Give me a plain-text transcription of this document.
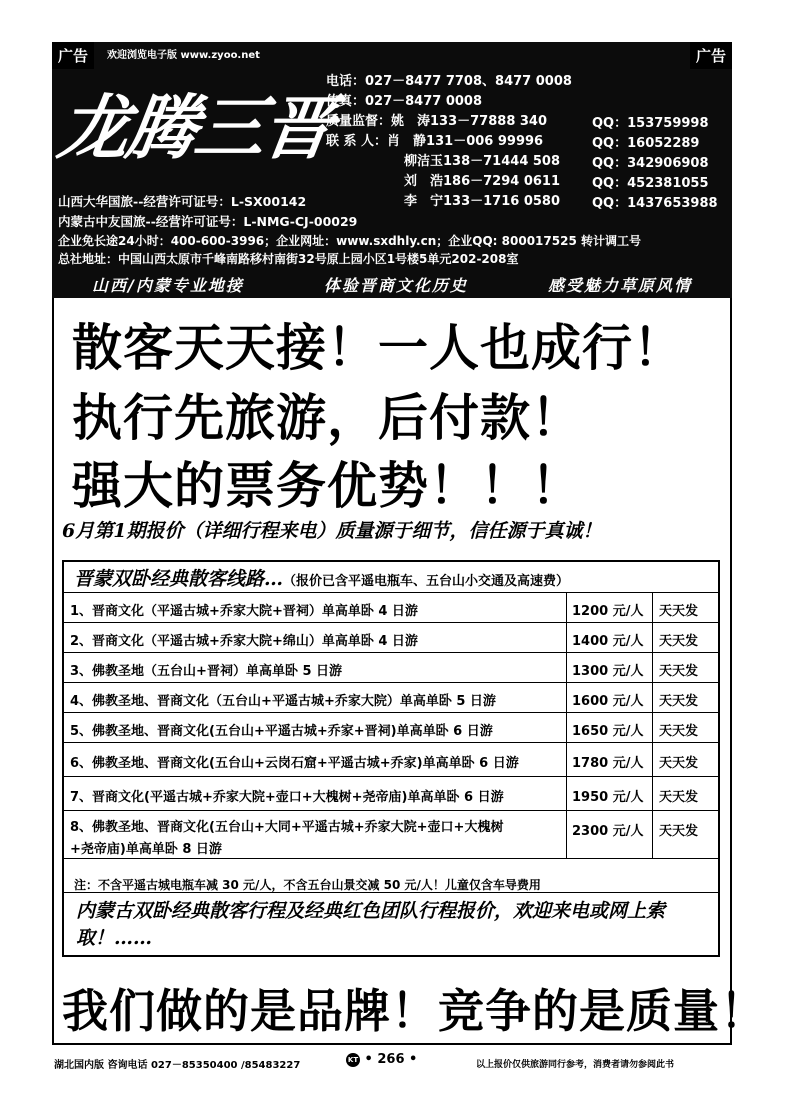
欢迎浏览电子版 www.zyoo.net
龙腾三晋
电话：027－8477 7708、8477 0008
传真：027－8477 0008
质量监督：姚　涛133－77888 340
联 系 人：肖　静131－006 99996
柳洁玉138－71444 508
刘　浩186－7294 0611
李　宁133－1716 0580
QQ：153759998
QQ：16052289
QQ：342906908
QQ：452381055
QQ：1437653988
山西大华国旅--经营许可证号：L-SX00142
内蒙古中友国旅--经营许可证号：L-NMG-CJ-00029
企业免长途24小时：400-600-3996；企业网址：www.sxdhly.cn；企业QQ: 800017525 转计调工号
总社地址：中国山西太原市千峰南路移村南街32号原上园小区1号楼5单元202-208室
山西/内蒙专业地接	体验晋商文化历史	感受魅力草原风情
广告	广告
散客天天接！一人也成行！
执行先旅游，后付款！
强大的票务优势！！！
6月第1期报价（详细行程来电）质量源于细节，信任源于真诚！
晋蒙双卧经典散客线路…（报价已含平遥电瓶车、五台山小交通及高速费）
1、晋商文化（平遥古城+乔家大院+晋祠）单高单卧 4 日游	1200 元/人 天天发
2、晋商文化（平遥古城+乔家大院+绵山）单高单卧 4 日游	1400 元/人 天天发
3、佛教圣地（五台山+晋祠）单高单卧 5 日游	1300 元/人 天天发
4、佛教圣地、晋商文化（五台山+平遥古城+乔家大院）单高单卧 5 日游	1600 元/人 天天发
5、佛教圣地、晋商文化(五台山+平遥古城+乔家+晋祠)单高单卧 6 日游	1650 元/人 天天发
6、佛教圣地、晋商文化(五台山+云岗石窟+平遥古城+乔家)单高单卧 6 日游	1780 元/人 天天发
7、晋商文化(平遥古城+乔家大院+壶口+大槐树+尧帝庙)单高单卧 6 日游	1950 元/人 天天发
8、佛教圣地、晋商文化(五台山+大同+平遥古城+乔家大院+壶口+大槐树
+尧帝庙)单高单卧 8 日游
2300 元/人 天天发
注：不含平遥古城电瓶车减 30 元/人，不含五台山景交减 50 元/人！儿童仅含车导费用
内蒙古双卧经典散客行程及经典红色团队行程报价，欢迎来电或网上索取！……
我们做的是品牌！竞争的是质量！
湖北国内版 咨询电话 027－85350400 /85483227
KT • 266 •	以上报价仅供旅游同行参考，消费者请勿参阅此书
